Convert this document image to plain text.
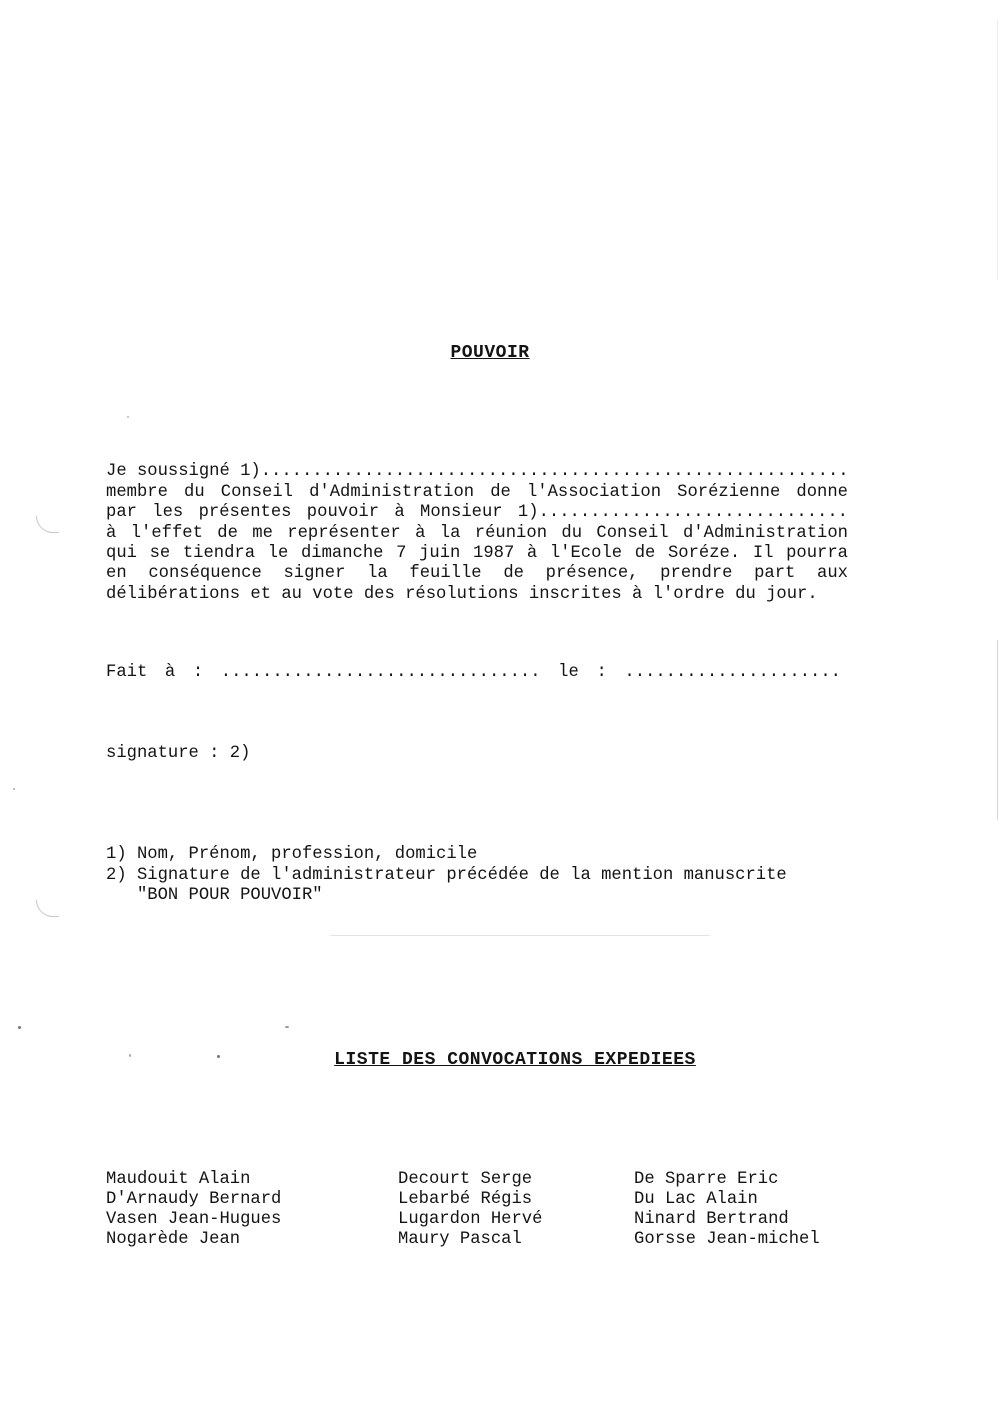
POUVOIR
Je soussigné 1).........................................................
membre du Conseil d'Administration de l'Association Sorézienne donne
par les présentes pouvoir à Monsieur 1)..............................
à l'effet de me représenter à la réunion du Conseil d'Administration
qui se tiendra le dimanche 7 juin 1987 à l'Ecole de Soréze. Il pourra
en conséquence signer la feuille de présence, prendre part aux
délibérations et au vote des résolutions inscrites à l'ordre du jour.
Fait à : ............................... le : .....................
signature : 2)
1) Nom, Prénom, profession, domicile
2) Signature de l'administrateur précédée de la mention manuscrite
"BON POUR POUVOIR"
LISTE DES CONVOCATIONS EXPEDIEES
Maudouit Alain
D'Arnaudy Bernard
Vasen Jean-Hugues
Nogarède Jean
Decourt Serge
Lebarbé Régis
Lugardon Hervé
Maury Pascal
De Sparre Eric
Du Lac Alain
Ninard Bertrand
Gorsse Jean-michel
